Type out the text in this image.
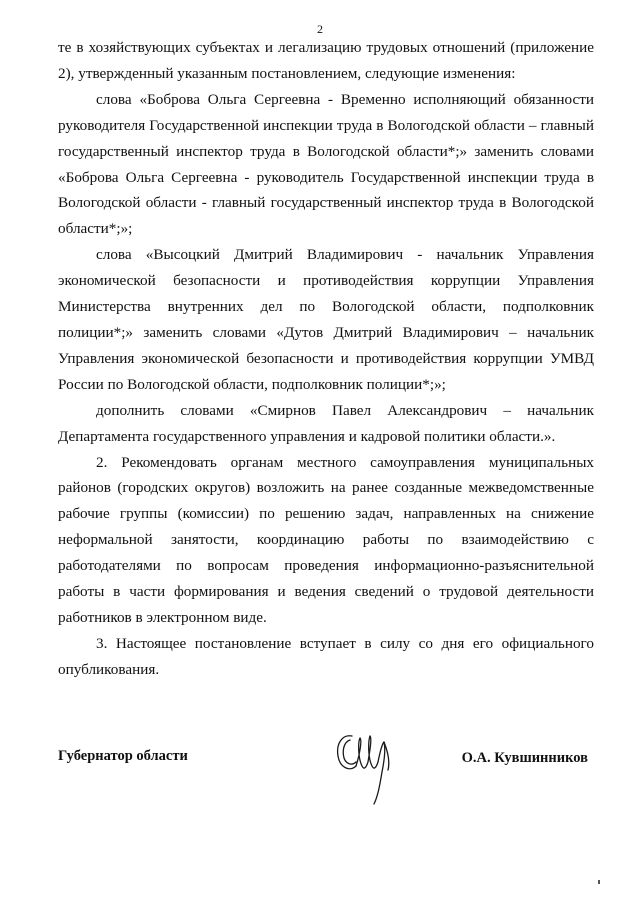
2

те в хозяйствующих субъектах и легализацию трудовых отношений (приложение 2), утвержденный указанным постановлением, следующие изменения:

слова «Боброва Ольга Сергеевна - Временно исполняющий обязанности руководителя Государственной инспекции труда в Вологодской области – главный государственный инспектор труда в Вологодской области*;» заменить словами «Боброва Ольга Сергеевна - руководитель Государственной инспекции труда в Вологодской области - главный государственный инспектор труда в Вологодской области*;»;

слова «Высоцкий Дмитрий Владимирович - начальник Управления экономической безопасности и противодействия коррупции Управления Министерства внутренних дел по Вологодской области, подполковник полиции*;» заменить словами «Дутов Дмитрий Владимирович – начальник Управления экономической безопасности и противодействия коррупции УМВД России по Вологодской области, подполковник полиции*;»;

дополнить словами «Смирнов Павел Александрович – начальник Департамента государственного управления и кадровой политики области.».

2. Рекомендовать органам местного самоуправления муниципальных районов (городских округов) возложить на ранее созданные межведомственные рабочие группы (комиссии) по решению задач, направленных на снижение неформальной занятости, координацию работы по взаимодействию с работодателями по вопросам проведения информационно-разъяснительной работы в части формирования и ведения сведений о трудовой деятельности работников в электронном виде.

3. Настоящее постановление вступает в силу со дня его официального опубликования.

Губернатор области	О.А. Кувшинников
